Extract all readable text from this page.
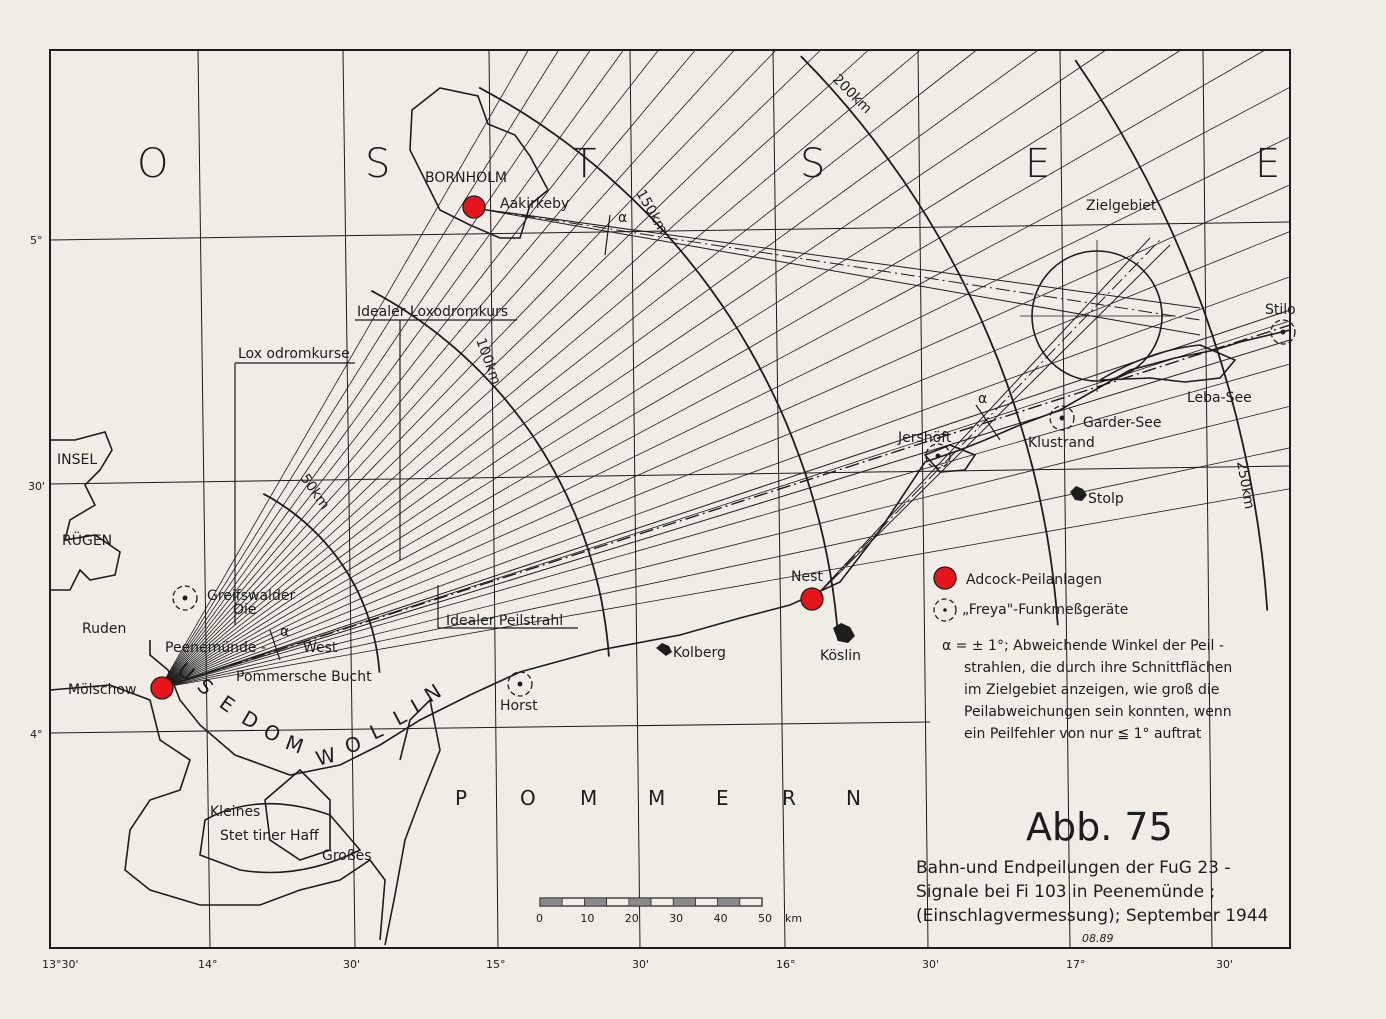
5°
30'
4°
13°30'	14°	30'	15°	30'	16°	30'	17°	30'
O	S	T	S	E	E
P O M M E R N
U
S
E
D
O
M W O
L
L
I
N
BORNHOLM
Aakirkeby	Zielgebiet
Stilo
Leba-See
Garder-See
Jershöft	Klustrand
Stolp
Nest
Köslin
Kolberg
Horst
INSEL
RÜGEN
Greifswalder
Oie
Ruden
Peenemünde -	West
Mölschow
Pommersche Bucht
Kleines
Stet tiner Haff
Großes
Lox odromkurse
Idealer Loxodromkurs
Idealer Peilstrahl
α
α
α
50km
100km
150km
200km
250km
Adcock-Peilanlagen
„Freya"-Funkmeßgeräte
α = ± 1°; Abweichende Winkel der Peil -
strahlen, die durch ihre Schnittflächen
im Zielgebiet anzeigen, wie groß die
Peilabweichungen sein konnten, wenn
ein Peilfehler von nur ≦ 1° auftrat
Abb. 75
Bahn-und Endpeilungen der FuG 23 -
Signale bei Fi 103 in Peenemünde ;
(Einschlagvermessung); September 1944
08.89
0	10	20	30	40	50 km
